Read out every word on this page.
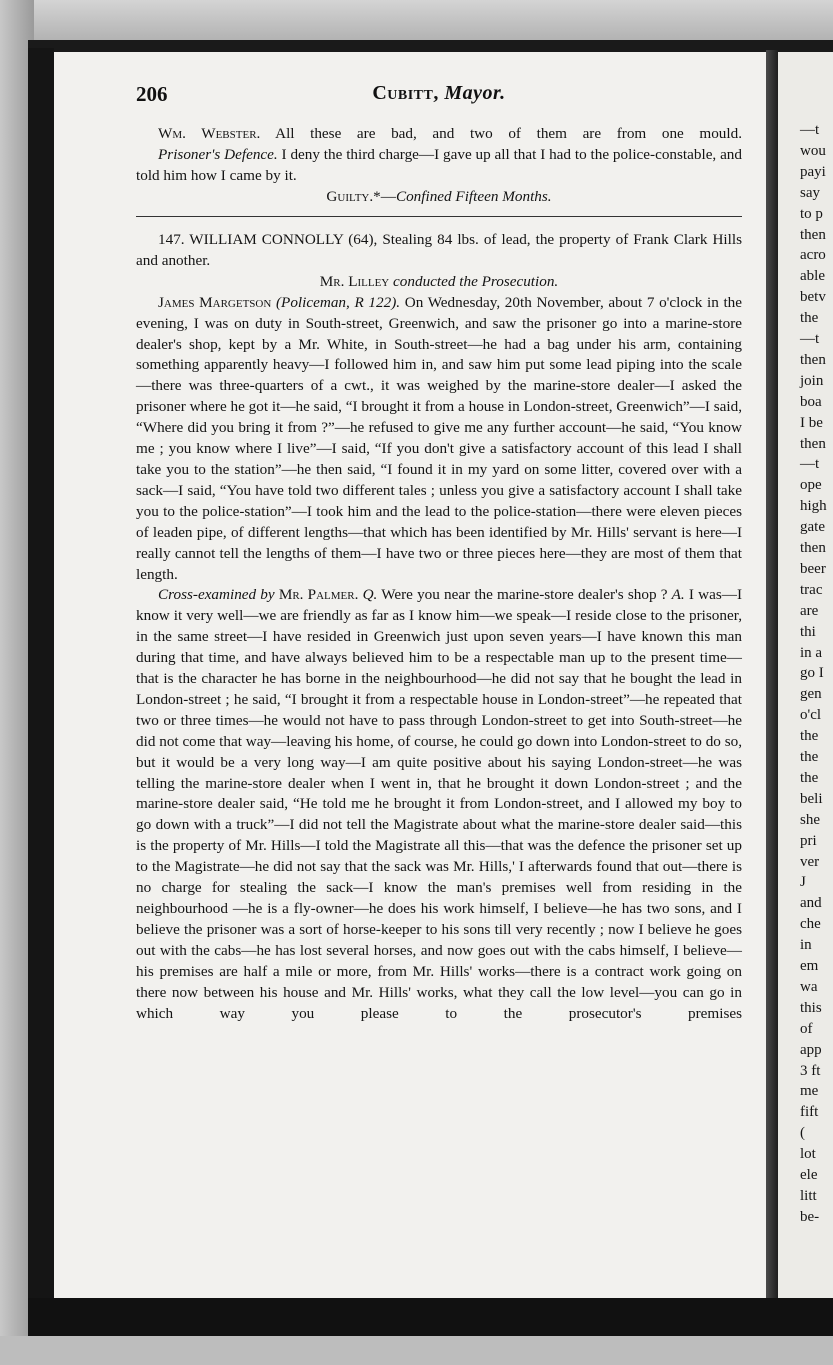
—t
wou
payi
say
to p
then
acro
able
betv
the
—t
then
join
boa
I be
then
—t
ope
high
gate
then
beer
trac
are
thi
in a
go I
gen
o'cl
the
the
the
beli
she
pri
ver
J
and
che
in
em
wa
this
of
app
3 ft
me
fift
(
lot
ele
litt
be-
206	Cubitt, Mayor.

Wm. Webster. All these are bad, and two of them are from one mould.

Prisoner's Defence. I deny the third charge—I gave up all that I had to the police-constable, and told him how I came by it.

Guilty.*—Confined Fifteen Months.

147. WILLIAM CONNOLLY (64), Stealing 84 lbs. of lead, the property of Frank Clark Hills and another.

Mr. Lilley conducted the Prosecution.

James Margetson (Policeman, R 122). On Wednesday, 20th November, about 7 o'clock in the evening, I was on duty in South-street, Greenwich, and saw the prisoner go into a marine-store dealer's shop, kept by a Mr. White, in South-street—he had a bag under his arm, containing something apparently heavy—I followed him in, and saw him put some lead piping into the scale—there was three-quarters of a cwt., it was weighed by the marine-store dealer—I asked the prisoner where he got it—he said, “I brought it from a house in London-street, Greenwich”—I said, “Where did you bring it from ?”—he refused to give me any further account—he said, “You know me ; you know where I live”—I said, “If you don't give a satisfactory account of this lead I shall take you to the station”—he then said, “I found it in my yard on some litter, covered over with a sack—I said, “You have told two different tales ; unless you give a satisfactory account I shall take you to the police-station”—I took him and the lead to the police-station—there were eleven pieces of leaden pipe, of different lengths—that which has been identified by Mr. Hills' servant is here—I really cannot tell the lengths of them—I have two or three pieces here—they are most of them that length.

Cross-examined by Mr. Palmer. Q. Were you near the marine-store dealer's shop ? A. I was—I know it very well—we are friendly as far as I know him—we speak—I reside close to the prisoner, in the same street—I have resided in Greenwich just upon seven years—I have known this man during that time, and have always believed him to be a respectable man up to the present time—that is the character he has borne in the neighbourhood—he did not say that he bought the lead in London-street ; he said, “I brought it from a respectable house in London-street”—he repeated that two or three times—he would not have to pass through London-street to get into South-street—he did not come that way—leaving his home, of course, he could go down into London-street to do so, but it would be a very long way—I am quite positive about his saying London-street—he was telling the marine-store dealer when I went in, that he brought it down London-street ; and the marine-store dealer said, “He told me he brought it from London-street, and I allowed my boy to go down with a truck”—I did not tell the Magistrate about what the marine-store dealer said—this is the property of Mr. Hills—I told the Magistrate all this—that was the defence the prisoner set up to the Magistrate—he did not say that the sack was Mr. Hills,' I afterwards found that out—there is no charge for stealing the sack—I know the man's premises well from residing in the neighbourhood —he is a fly-owner—he does his work himself, I believe—he has two sons, and I believe the prisoner was a sort of horse-keeper to his sons till very recently ; now I believe he goes out with the cabs—he has lost several horses, and now goes out with the cabs himself, I believe—his premises are half a mile or more, from Mr. Hills' works—there is a contract work going on there now between his house and Mr. Hills' works, what they call the low level—you can go in which way you please to the prosecutor's premises
